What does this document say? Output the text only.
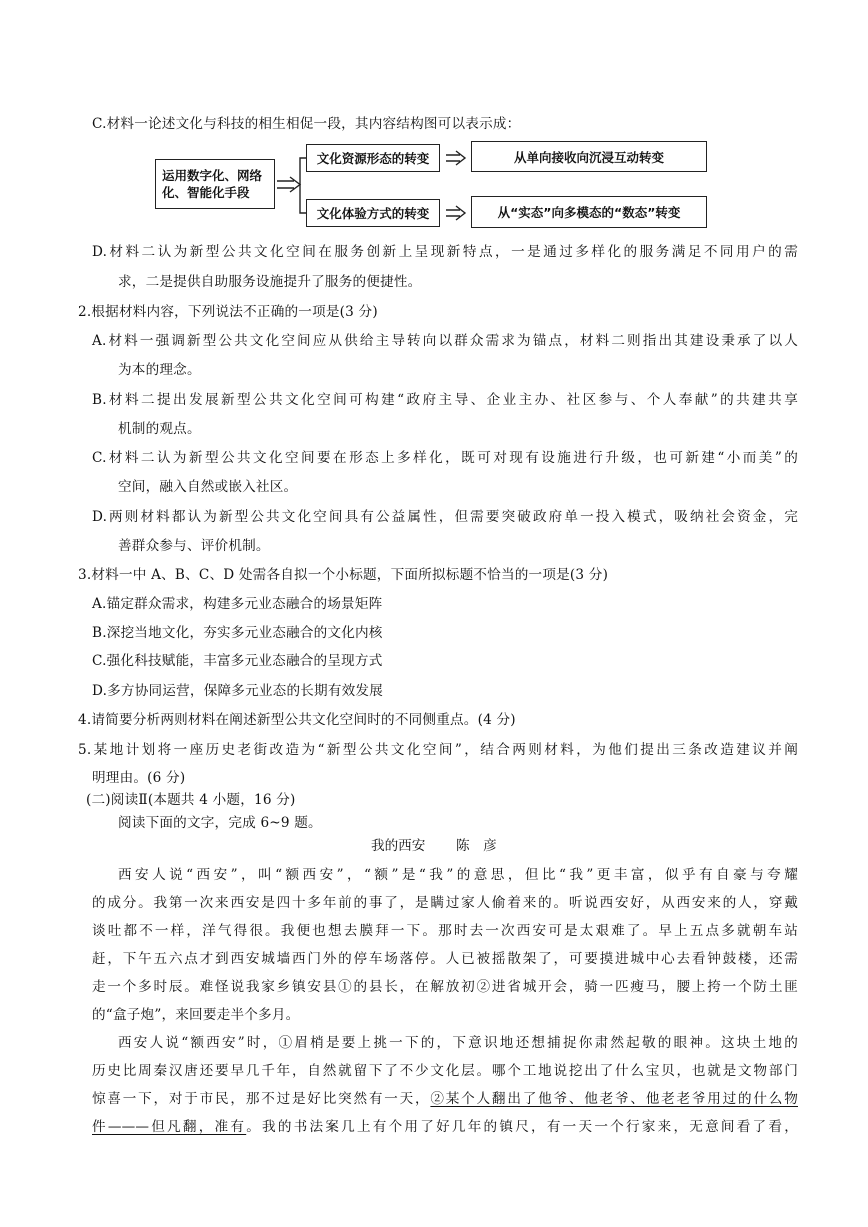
C.材料一论述文化与科技的相生相促一段，其内容结构图可以表示成：
运用数字化、网络
化、智能化手段
文化资源形态的转变
文化体验方式的转变
从单向接收向沉浸互动转变
从“实态”向多模态的“数态”转变
D.材料二认为新型公共文化空间在服务创新上呈现新特点，一是通过多样化的服务满足不同用户的需
求，二是提供自助服务设施提升了服务的便捷性。
2.根据材料内容，下列说法不正确的一项是(3 分)
A.材料一强调新型公共文化空间应从供给主导转向以群众需求为锚点，材料二则指出其建设秉承了以人
为本的理念。
B.材料二提出发展新型公共文化空间可构建“政府主导、企业主办、社区参与、个人奉献”的共建共享
机制的观点。
C.材料二认为新型公共文化空间要在形态上多样化，既可对现有设施进行升级，也可新建“小而美”的
空间，融入自然或嵌入社区。
D.两则材料都认为新型公共文化空间具有公益属性，但需要突破政府单一投入模式，吸纳社会资金，完
善群众参与、评价机制。
3.材料一中 A、B、C、D 处需各自拟一个小标题，下面所拟标题不恰当的一项是(3 分)
A.锚定群众需求，构建多元业态融合的场景矩阵
B.深挖当地文化，夯实多元业态融合的文化内核
C.强化科技赋能，丰富多元业态融合的呈现方式
D.多方协同运营，保障多元业态的长期有效发展
4.请简要分析两则材料在阐述新型公共文化空间时的不同侧重点。(4 分)
5.某地计划将一座历史老街改造为“新型公共文化空间”，结合两则材料，为他们提出三条改造建议并阐
明理由。(6 分)
(二)阅读Ⅱ(本题共 4 小题，16 分)
阅读下面的文字，完成 6~9 题。
我的西安 陈　彦
西安人说“西安”，叫“额西安”，“额”是“我”的意思，但比“我”更丰富，似乎有自豪与夸耀
的成分。我第一次来西安是四十多年前的事了，是瞒过家人偷着来的。听说西安好，从西安来的人，穿戴
谈吐都不一样，洋气得很。我便也想去膜拜一下。那时去一次西安可是太艰难了。早上五点多就朝车站
赶，下午五六点才到西安城墙西门外的停车场落停。人已被摇散架了，可要摸进城中心去看钟鼓楼，还需
走一个多时辰。难怪说我家乡镇安县①的县长，在解放初②进省城开会，骑一匹瘦马，腰上挎一个防土匪
的“盒子炮”，来回要走半个多月。
西安人说“额西安”时，①眉梢是要上挑一下的，下意识地还想捕捉你肃然起敬的眼神。这块土地的
历史比周秦汉唐还要早几千年，自然就留下了不少文化层。哪个工地说挖出了什么宝贝，也就是文物部门
惊喜一下，对于市民，那不过是好比突然有一天，②某个人翻出了他爷、他老爷、他老老爷用过的什么物
件———但凡翻，准有。我的书法案几上有个用了好几年的镇尺，有一天一个行家来，无意间看了看，
